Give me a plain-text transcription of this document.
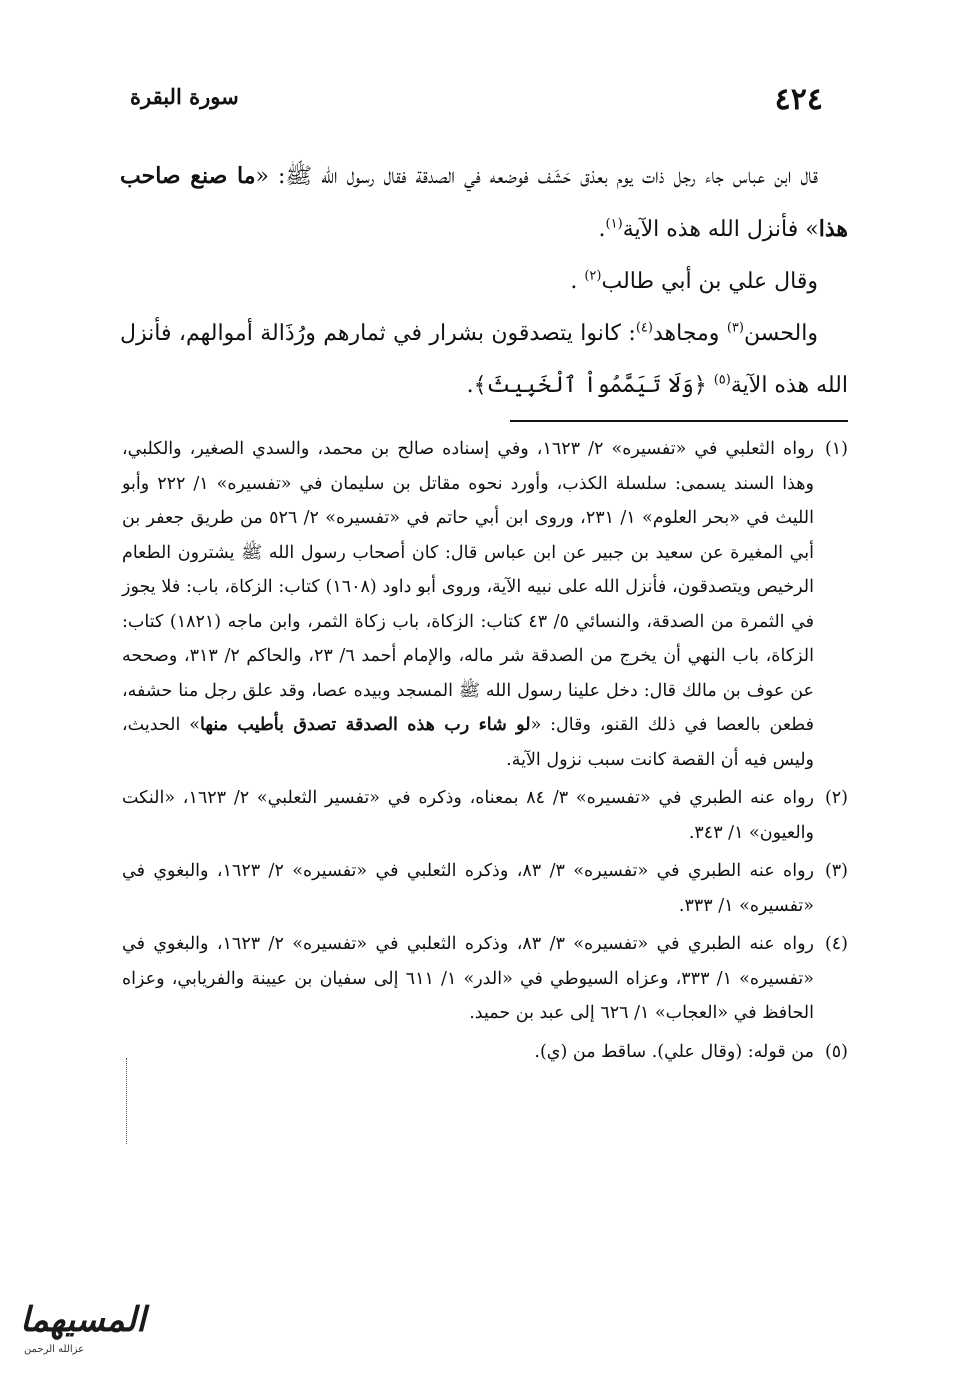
٤٢٤
سورة البقرة

قال ابن عباس جاء رجل ذات يوم بعذق حَشَف فوضعه في الصدقة فقال رسول الله ﷺ: «ما صنع صاحب هذا» فأنزل الله هذه الآية$^{(١)}$.

وقال علي بن أبي طالب$^{(٢)}$ .

والحسن$^{(٣)}$ ومجاهد$^{(٤)}$: كانوا يتصدقون بشرار في ثمارهم ورُذَالة أموالهم، فأنزل الله هذه الآية$^{(٥)}$ ﴿وَلَا تَيَمَّمُواْ ٱلْخَبِيثَ﴾.

(١)
رواه الثعلبي في «تفسيره» ٢/ ١٦٢٣، وفي إسناده صالح بن محمد، والسدي الصغير، والكلبي، وهذا السند يسمى: سلسلة الكذب، وأورد نحوه مقاتل بن سليمان في «تفسيره» ١/ ٢٢٢ وأبو الليث في «بحر العلوم» ١/ ٢٣١، وروى ابن أبي حاتم في «تفسيره» ٢/ ٥٢٦ من طريق جعفر بن أبي المغيرة عن سعيد بن جبير عن ابن عباس قال: كان أصحاب رسول الله ﷺ يشترون الطعام الرخيص ويتصدقون، فأنزل الله على نبيه الآية، وروى أبو داود (١٦٠٨) كتاب: الزكاة، باب: فلا يجوز في الثمرة من الصدقة، والنسائي ٥/ ٤٣ كتاب: الزكاة، باب زكاة الثمر، وابن ماجه (١٨٢١) كتاب: الزكاة، باب النهي أن يخرج من الصدقة شر ماله، والإمام أحمد ٦/ ٢٣، والحاكم ٢/ ٣١٣، وصححه عن عوف بن مالك قال: دخل علينا رسول الله ﷺ المسجد وبيده عصا، وقد علق رجل منا حشفه، فطعن بالعصا في ذلك القنو، وقال: «لو شاء رب هذه الصدقة تصدق بأطيب منها» الحديث، وليس فيه أن القصة كانت سبب نزول الآية.
(٢)
رواه عنه الطبري في «تفسيره» ٣/ ٨٤ بمعناه، وذكره في «تفسير الثعلبي» ٢/ ١٦٢٣، «النكت والعيون» ١/ ٣٤٣.
(٣)
رواه عنه الطبري في «تفسيره» ٣/ ٨٣، وذكره الثعلبي في «تفسيره» ٢/ ١٦٢٣، والبغوي في «تفسيره» ١/ ٣٣٣.
(٤)
رواه عنه الطبري في «تفسيره» ٣/ ٨٣، وذكره الثعلبي في «تفسيره» ٢/ ١٦٢٣، والبغوي في «تفسيره» ١/ ٣٣٣، وعزاه السيوطي في «الدر» ١/ ٦١١ إلى سفيان بن عيينة والفريابي، وعزاه الحافظ في «العجاب» ١/ ٦٢٦ إلى عبد بن حميد.
(٥)
من قوله: (وقال علي). ساقط من (ي).
المسيهما
عزالله الرحمن
